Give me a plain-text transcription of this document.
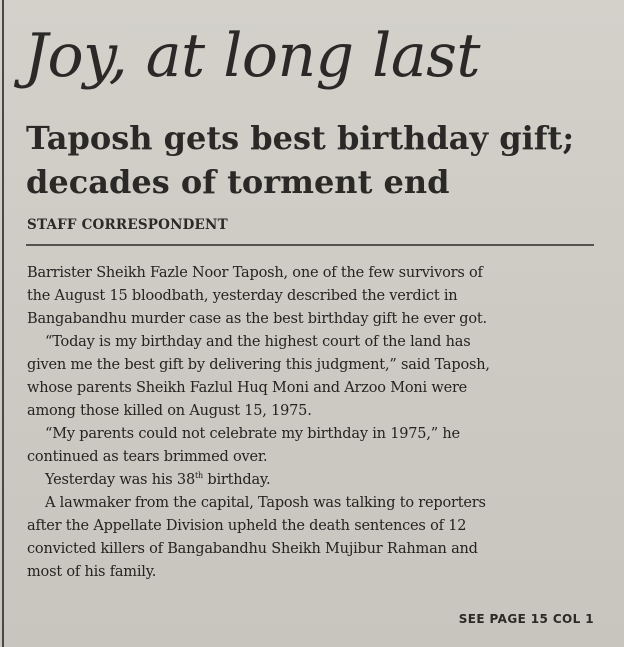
Joy, at long last
Taposh gets best birthday gift;
decades of torment end
STAFF CORRESPONDENT
Barrister Sheikh Fazle Noor Taposh, one of the few survivors of
the August 15 bloodbath, yesterday described the verdict in
Bangabandhu murder case as the best birthday gift he ever got.
“Today is my birthday and the highest court of the land has
given me the best gift by delivering this judgment,” said Taposh,
whose parents Sheikh Fazlul Huq Moni and Arzoo Moni were
among those killed on August 15, 1975.
“My parents could not celebrate my birthday in 1975,” he
continued as tears brimmed over.
Yesterday was his 38th birthday.
A lawmaker from the capital, Taposh was talking to reporters
after the Appellate Division upheld the death sentences of 12
convicted killers of Bangabandhu Sheikh Mujibur Rahman and
most of his family.
SEE PAGE 15 COL 1
